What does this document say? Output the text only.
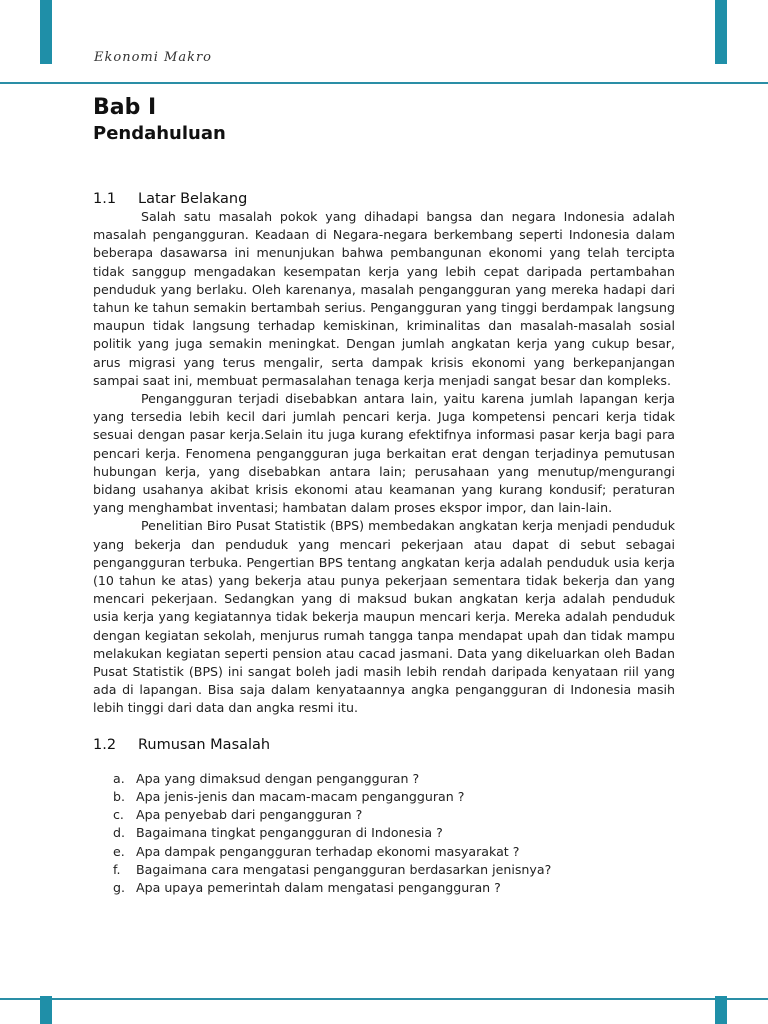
Ekonomi Makro
Bab I
Pendahuluan
1.1	Latar Belakang

Salah satu masalah pokok yang dihadapi bangsa dan negara Indonesia adalah masalah pengangguran. Keadaan di Negara-negara berkembang seperti Indonesia dalam beberapa dasawarsa ini menunjukan bahwa pembangunan ekonomi yang telah tercipta tidak sanggup mengadakan kesempatan kerja yang lebih cepat daripada pertambahan penduduk yang berlaku. Oleh karenanya, masalah pengangguran yang mereka hadapi dari tahun ke tahun semakin bertambah serius. Pengangguran yang tinggi berdampak langsung maupun tidak langsung terhadap kemiskinan, kriminalitas dan masalah-masalah sosial politik yang juga semakin meningkat. Dengan jumlah angkatan kerja yang cukup besar, arus migrasi yang terus mengalir, serta dampak krisis ekonomi yang berkepanjangan sampai saat ini, membuat permasalahan tenaga kerja menjadi sangat besar dan kompleks.

Pengangguran terjadi disebabkan antara lain, yaitu karena jumlah lapangan kerja yang tersedia lebih kecil dari jumlah pencari kerja. Juga kompetensi pencari kerja tidak sesuai dengan pasar kerja.Selain itu juga kurang efektifnya informasi pasar kerja bagi para pencari kerja. Fenomena pengangguran juga berkaitan erat dengan terjadinya pemutusan hubungan kerja, yang disebabkan antara lain; perusahaan yang menutup/mengurangi bidang usahanya akibat krisis ekonomi atau keamanan yang kurang kondusif; peraturan yang menghambat inventasi; hambatan dalam proses ekspor impor, dan lain-lain.

Penelitian Biro Pusat Statistik (BPS) membedakan angkatan kerja menjadi penduduk yang bekerja dan penduduk yang mencari pekerjaan atau dapat di sebut sebagai pengangguran terbuka. Pengertian BPS tentang angkatan kerja adalah penduduk usia kerja (10 tahun ke atas) yang bekerja atau punya pekerjaan sementara tidak bekerja dan yang mencari pekerjaan. Sedangkan yang di maksud bukan angkatan kerja adalah penduduk usia kerja yang kegiatannya tidak bekerja maupun mencari kerja. Mereka adalah penduduk dengan kegiatan sekolah, menjurus rumah tangga tanpa mendapat upah dan tidak mampu melakukan kegiatan seperti pension atau cacad jasmani. Data yang dikeluarkan oleh Badan Pusat Statistik (BPS) ini sangat boleh jadi masih lebih rendah daripada kenyataan riil yang ada di lapangan. Bisa saja dalam kenyataannya angka pengangguran di Indonesia masih lebih tinggi dari data dan angka resmi itu.

1.2	Rumusan Masalah
a. Apa yang dimaksud dengan pengangguran ?
b. Apa jenis-jenis dan macam-macam pengangguran ?
c. Apa penyebab dari pengangguran ?
d. Bagaimana tingkat pengangguran di Indonesia ?
e. Apa dampak pengangguran terhadap ekonomi masyarakat ?
f.	Bagaimana cara mengatasi pengangguran berdasarkan jenisnya?
g. Apa upaya pemerintah dalam mengatasi pengangguran ?
